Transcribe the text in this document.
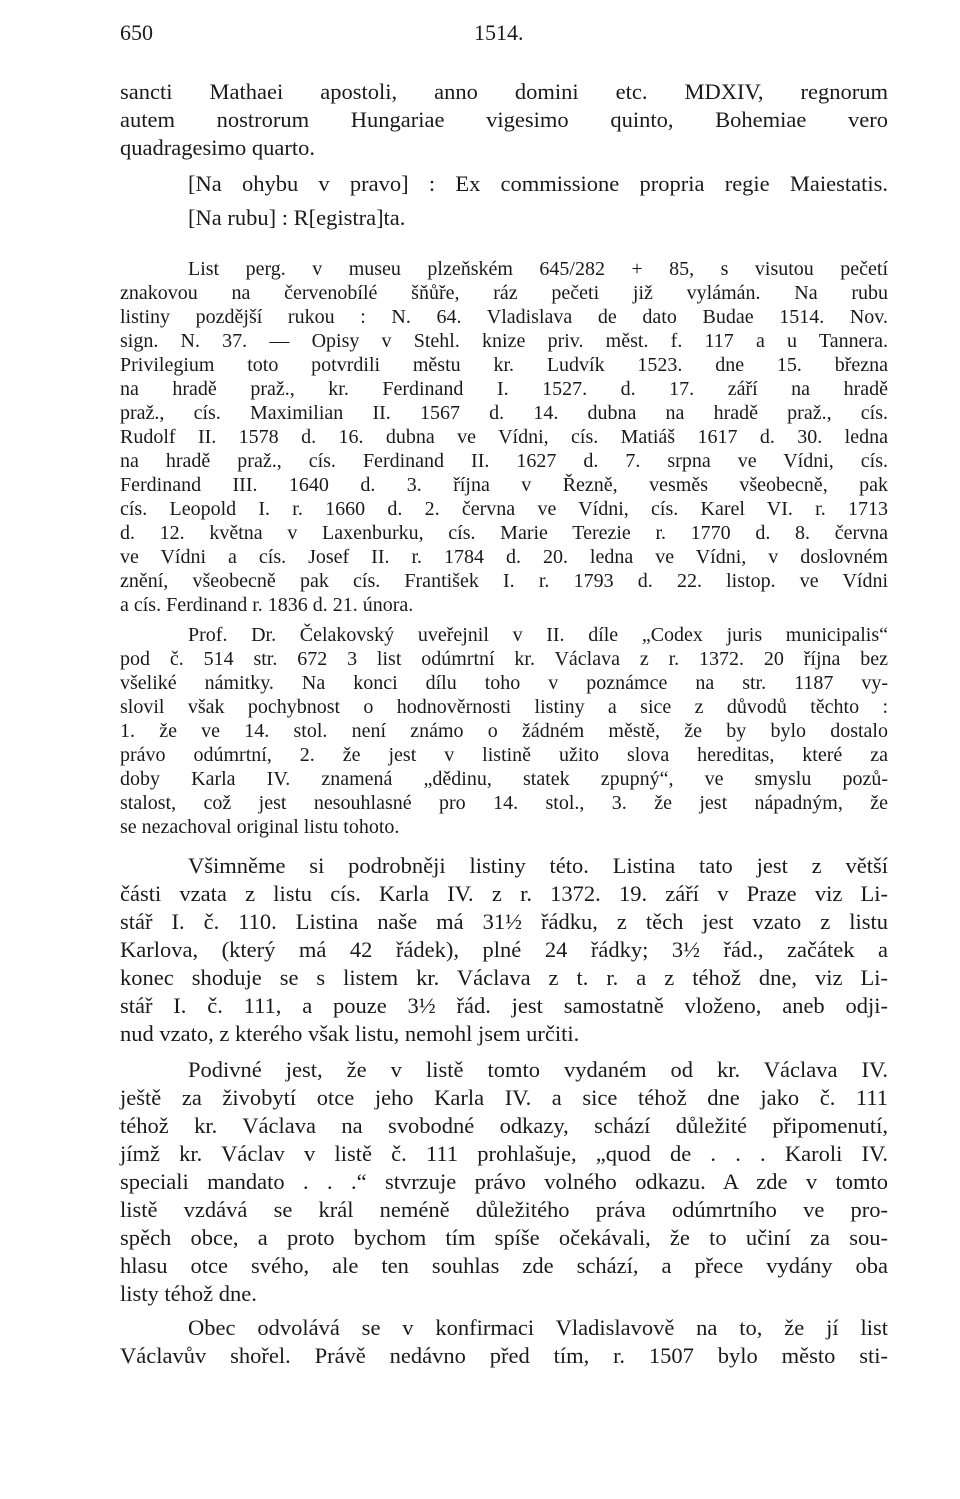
650	1514.

sancti Mathaei apostoli, anno domini etc. MDXIV, regnorum

autem nostrorum Hungariae vigesimo quinto, Bohemiae vero

quadragesimo quarto.

[Na ohybu v pravo] : Ex commissione propria regie Maiestatis.

[Na rubu] : R[egistra]ta.

List perg. v museu plzeňském 645/282 + 85, s visutou pečetí

znakovou na červenobílé šňůře, ráz pečeti již vylámán. Na rubu

listiny pozdější rukou : N. 64. Vladislava de dato Budae 1514. Nov.

sign. N. 37. — Opisy v Stehl. knize priv. měst. f. 117 a u Tannera.

Privilegium toto potvrdili městu kr. Ludvík 1523. dne 15. března

na hradě praž., kr. Ferdinand I. 1527. d. 17. září na hradě

praž., cís. Maximilian II. 1567 d. 14. dubna na hradě praž., cís.

Rudolf II. 1578 d. 16. dubna ve Vídni, cís. Matiáš 1617 d. 30. ledna

na hradě praž., cís. Ferdinand II. 1627 d. 7. srpna ve Vídni, cís.

Ferdinand III. 1640 d. 3. října v Řezně, vesměs všeobecně, pak

cís. Leopold I. r. 1660 d. 2. června ve Vídni, cís. Karel VI. r. 1713

d. 12. května v Laxenburku, cís. Marie Terezie r. 1770 d. 8. června

ve Vídni a cís. Josef II. r. 1784 d. 20. ledna ve Vídni, v doslovném

znění, všeobecně pak cís. František I. r. 1793 d. 22. listop. ve Vídni

a cís. Ferdinand r. 1836 d. 21. února.

Prof. Dr. Čelakovský uveřejnil v II. díle „Codex juris municipalis“

pod č. 514 str. 672 3 list odúmrtní kr. Václava z r. 1372. 20 října bez

všeliké námitky. Na konci dílu toho v poznámce na str. 1187 vy-

slovil však pochybnost o hodnověrnosti listiny a sice z důvodů těchto :

1. že ve 14. stol. není známo o žádném městě, že by bylo dostalo

právo odúmrtní, 2. že jest v listině užito slova hereditas, které za

doby Karla IV. znamená „dědinu, statek zpupný“, ve smyslu pozů-

stalost, což jest nesouhlasné pro 14. stol., 3. že jest nápadným, že

se nezachoval original listu tohoto.

Všimněme si podrobněji listiny této. Listina tato jest z větší

části vzata z listu cís. Karla IV. z r. 1372. 19. září v Praze viz Li-

stář I. č. 110. Listina naše má 31½ řádku, z těch jest vzato z listu

Karlova, (který má 42 řádek), plné 24 řádky; 3½ řád., začátek a

konec shoduje se s listem kr. Václava z t. r. a z téhož dne, viz Li-

stář I. č. 111, a pouze 3½ řád. jest samostatně vloženo, aneb odji-

nud vzato, z kterého však listu, nemohl jsem určiti.

Podivné jest, že v listě tomto vydaném od kr. Václava IV.

ještě za živobytí otce jeho Karla IV. a sice téhož dne jako č. 111

téhož kr. Václava na svobodné odkazy, schází důležité připomenutí,

jímž kr. Václav v listě č. 111 prohlašuje, „quod de . . . Karoli IV.

speciali mandato . . .“ stvrzuje právo volného odkazu. A zde v tomto

listě vzdává se král neméně důležitého práva odúmrtního ve pro-

spěch obce, a proto bychom tím spíše očekávali, že to učiní za sou-

hlasu otce svého, ale ten souhlas zde schází, a přece vydány oba

listy téhož dne.

Obec odvolává se v konfirmaci Vladislavově na to, že jí list

Václavův shořel. Právě nedávno před tím, r. 1507 bylo město sti-
